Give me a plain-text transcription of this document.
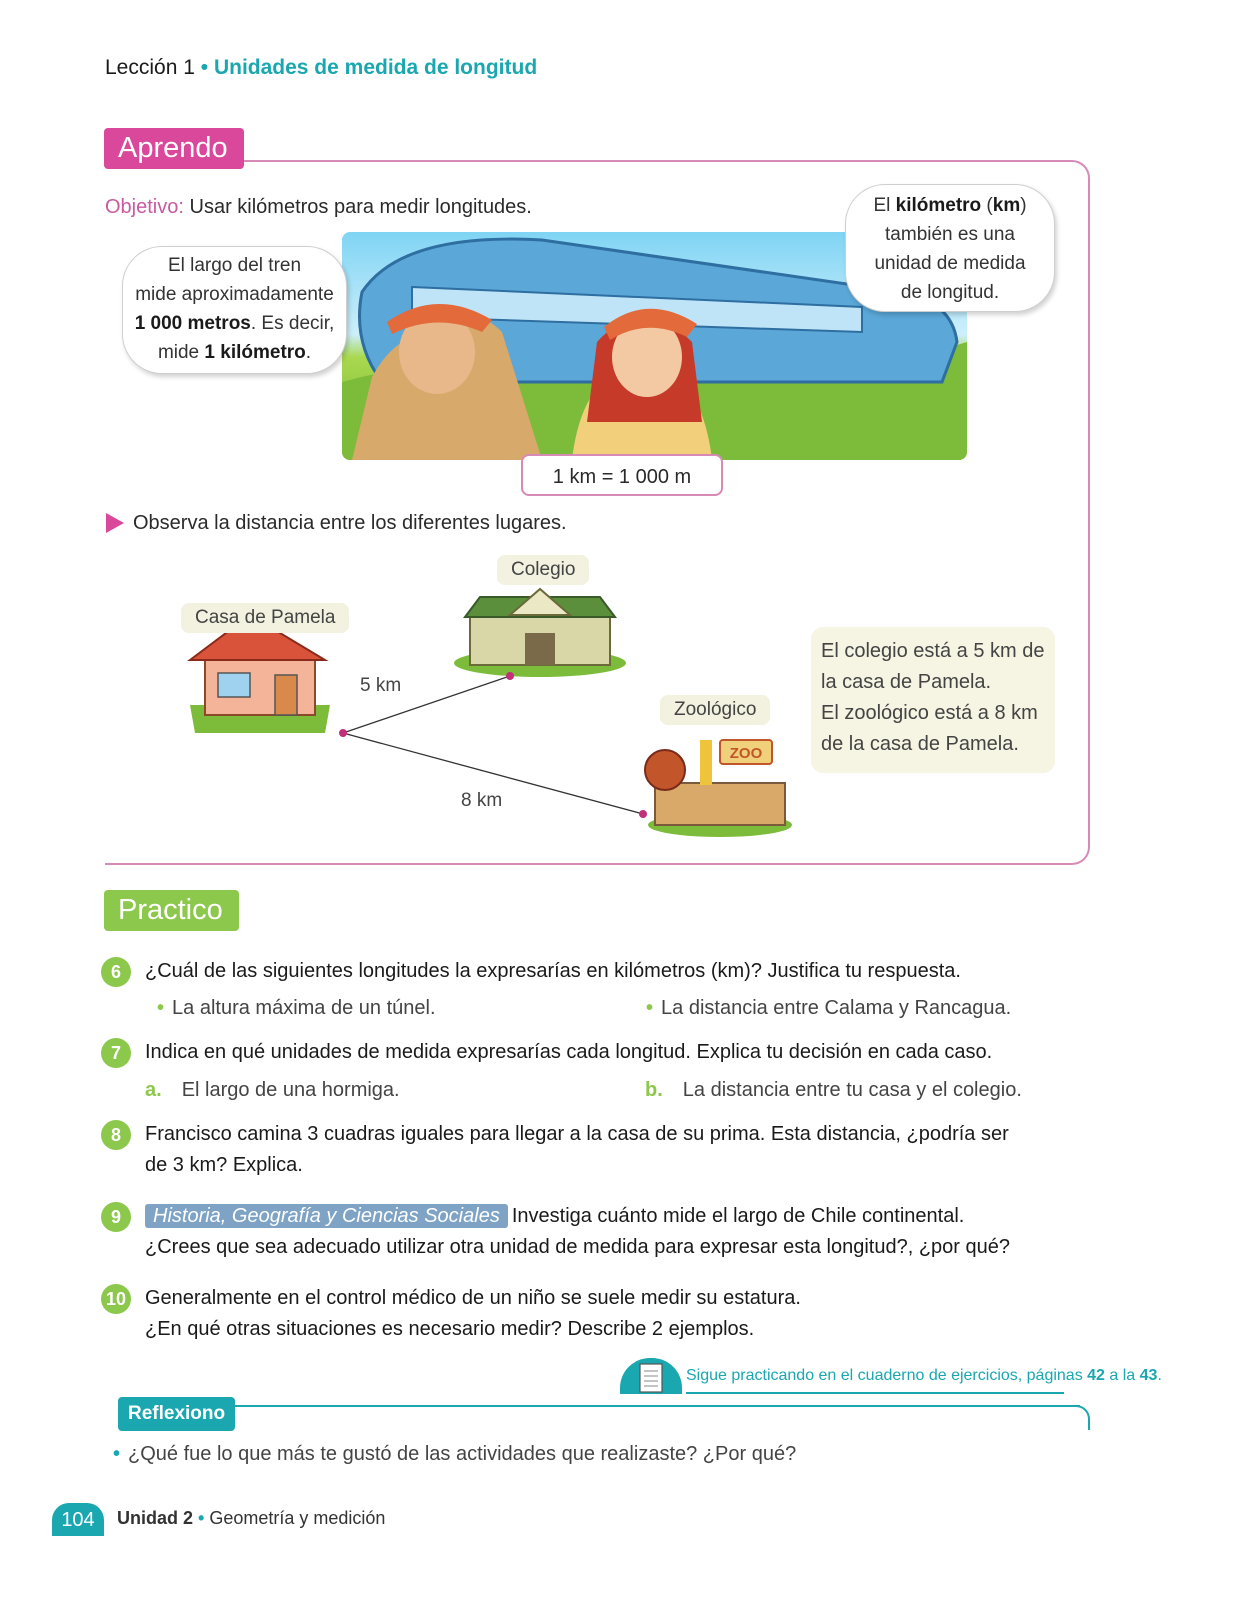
Lección 1 • Unidades de medida de longitud
Aprendo
Objetivo: Usar kilómetros para medir longitudes.
El largo del tren
mide aproximadamente
1 000 metros. Es decir,
mide 1 kilómetro.
El kilómetro (km)
también es una
unidad de medida
de longitud.
1 km = 1 000 m
Observa la distancia entre los diferentes lugares.
ZOO
Casa de Pamela
Colegio
Zoológico
5 km
8 km
El colegio está a 5 km de
la casa de Pamela.
El zoológico está a 8 km
de la casa de Pamela.
Practico
6	¿Cuál de las siguientes longitudes la expresarías en kilómetros (km)? Justifica tu respuesta.
• La altura máxima de un túnel.	• La distancia entre Calama y Rancagua.
7	Indica en qué unidades de medida expresarías cada longitud. Explica tu decisión en cada caso.
a. El largo de una hormiga.	b. La distancia entre tu casa y el colegio.
8	Francisco camina 3 cuadras iguales para llegar a la casa de su prima. Esta distancia, ¿podría ser
de 3 km? Explica.
9	Historia, Geografía y Ciencias Sociales Investiga cuánto mide el largo de Chile continental.
¿Crees que sea adecuado utilizar otra unidad de medida para expresar esta longitud?, ¿por qué?
10 Generalmente en el control médico de un niño se suele medir su estatura.
¿En qué otras situaciones es necesario medir? Describe 2 ejemplos.
Sigue practicando en el cuaderno de ejercicios, páginas 42 a la 43.
Reflexiono
• ¿Qué fue lo que más te gustó de las actividades que realizaste? ¿Por qué?
104	Unidad 2 • Geometría y medición
